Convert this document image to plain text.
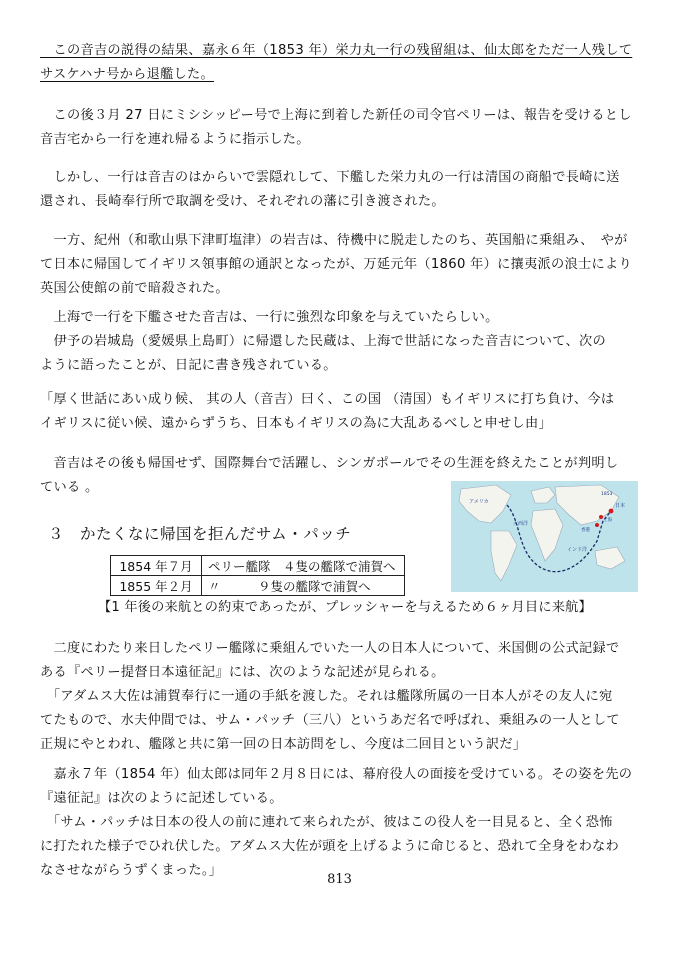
　この音吉の説得の結果、嘉永６年（1853 年）栄力丸一行の残留組は、仙太郎をただ一人残して
サスケハナ号から退艦した。

　この後３月 27 日にミシシッピー号で上海に到着した新任の司令官ペリーは、報告を受けるとし
音吉宅から一行を連れ帰るように指示した。

　しかし、一行は音吉のはからいで雲隠れして、下艦した栄力丸の一行は清国の商船で長崎に送
還され、長崎奉行所で取調を受け、それぞれの藩に引き渡された。

　一方、紀州（和歌山県下津町塩津）の岩吉は、待機中に脱走したのち、英国船に乗組み、　やが
て日本に帰国してイギリス領事館の通訳となったが、万延元年（1860 年）に攘夷派の浪士により
英国公使館の前で暗殺された。

　上海で一行を下艦させた音吉は、一行に強烈な印象を与えていたらしい。
　伊予の岩城島（愛媛県上島町）に帰還した民蔵は、上海で世話になった音吉について、次の
ように語ったことが、日記に書き残されている。

「厚く世話にあい成り候、 其の人（音吉）曰く、この国 （清国）もイギリスに打ち負け、今は
イギリスに従い候、遠からずうち、日本もイギリスの為に大乱あるべしと申せし由」

　音吉はその後も帰国せず、国際舞台で活躍し、シンガポールでその生涯を終えたことが判明し
ている 。

アメリカ
大西洋
インド洋
日本
上海
香港
1853
３ かたくなに帰国を拒んだサム・パッチ
1854 年７月	ペリー艦隊　４隻の艦隊で浦賀へ
1855 年２月	〃　　　９隻の艦隊で浦賀へ
【1 年後の来航との約束であったが、プレッシャーを与えるため６ヶ月目に来航】

　二度にわたり来日したペリー艦隊に乗組んでいた一人の日本人について、米国側の公式記録で
ある『ペリー提督日本遠征記』には、次のような記述が見られる。
　「アダムス大佐は浦賀奉行に一通の手紙を渡した。それは艦隊所属の一日本人がその友人に宛
てたもので、水夫仲間では、サム・パッチ（三八）というあだ名で呼ばれ、乗組みの一人として
正規にやとわれ、艦隊と共に第一回の日本訪問をし、今度は二回目という訳だ」

　嘉永７年（1854 年）仙太郎は同年２月８日には、幕府役人の面接を受けている。その姿を先の
『遠征記』は次のように記述している。
　「サム・パッチは日本の役人の前に連れて来られたが、彼はこの役人を一目見ると、全く恐怖
に打たれた様子でひれ伏した。アダムス大佐が頭を上げるように命じると、恐れて全身をわなわ
なさせながらうずくまった。」

813
